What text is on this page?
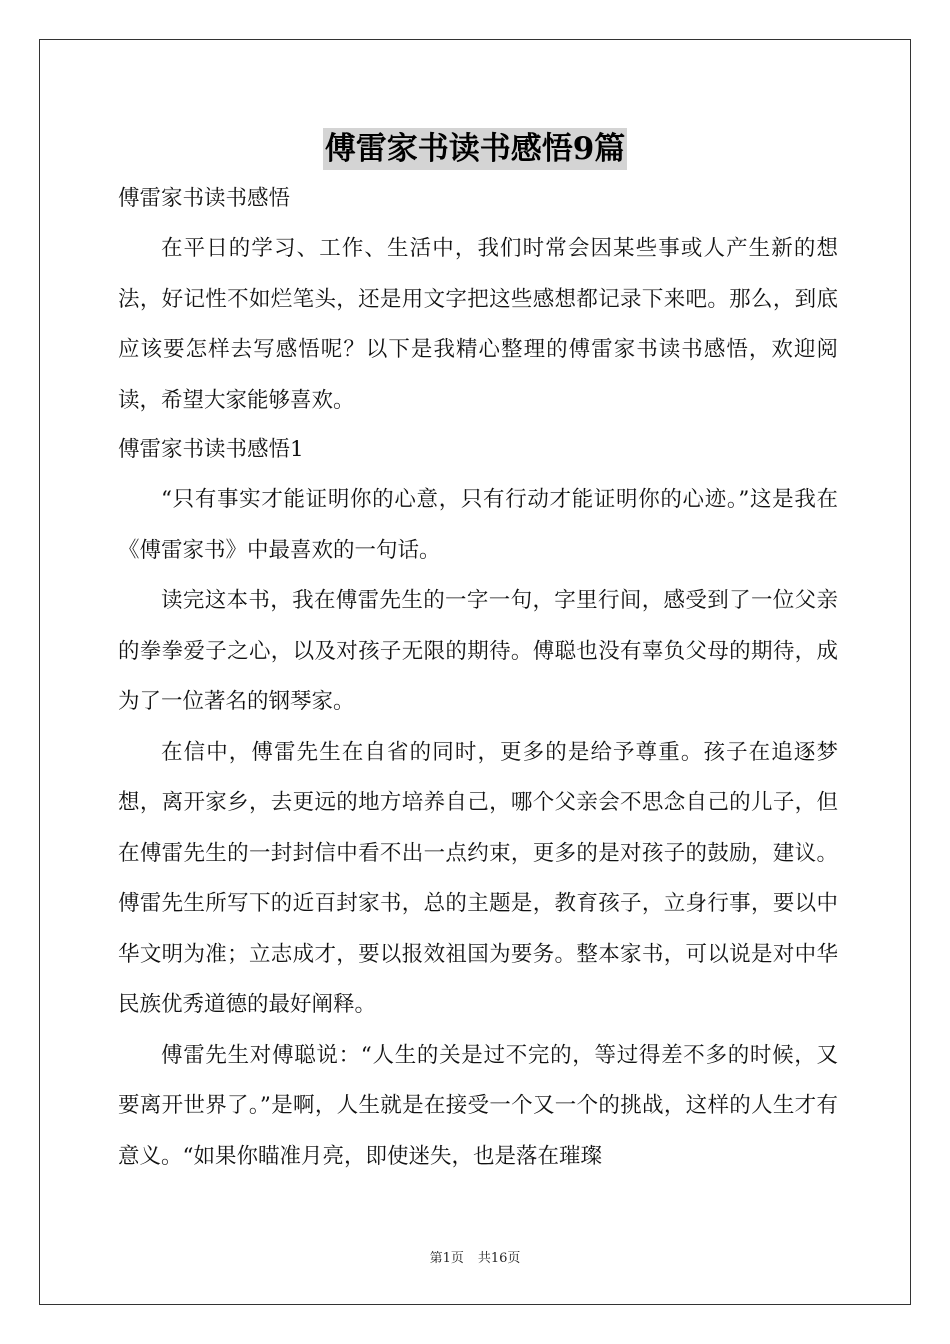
傅雷家书读书感悟9篇

傅雷家书读书感悟

在平日的学习、工作、生活中，我们时常会因某些事或人产生新的想法，好记性不如烂笔头，还是用文字把这些感想都记录下来吧。那么，到底应该要怎样去写感悟呢？以下是我精心整理的傅雷家书读书感悟，欢迎阅读，希望大家能够喜欢。

傅雷家书读书感悟1

“只有事实才能证明你的心意，只有行动才能证明你的心迹。”这是我在《傅雷家书》中最喜欢的一句话。

读完这本书，我在傅雷先生的一字一句，字里行间，感受到了一位父亲的拳拳爱子之心，以及对孩子无限的期待。傅聪也没有辜负父母的期待，成为了一位著名的钢琴家。

在信中，傅雷先生在自省的同时，更多的是给予尊重。孩子在追逐梦想，离开家乡，去更远的地方培养自己，哪个父亲会不思念自己的儿子，但在傅雷先生的一封封信中看不出一点约束，更多的是对孩子的鼓励，建议。傅雷先生所写下的近百封家书，总的主题是，教育孩子，立身行事，要以中华文明为准；立志成才，要以报效祖国为要务。整本家书，可以说是对中华民族优秀道德的最好阐释。

傅雷先生对傅聪说：“人生的关是过不完的，等过得差不多的时候，又要离开世界了。”是啊，人生就是在接受一个又一个的挑战，这样的人生才有意义。“如果你瞄准月亮，即使迷失，也是落在璀璨

第1页 共16页
